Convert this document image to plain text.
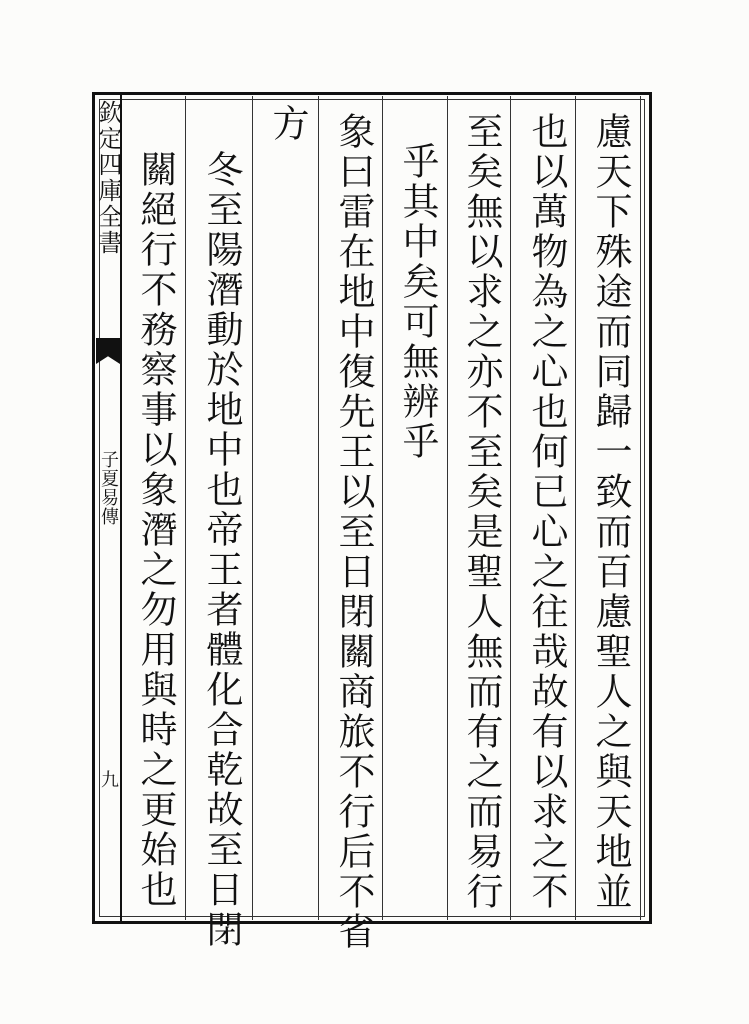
欽定四庫全書
子夏易傳
九	慮天下殊途而同歸一致而百慮聖人之與天地並
也以萬物為之心也何已心之往哉故有以求之不
至矣無以求之亦不至矣是聖人無而有之而易行
乎其中矣可無辨乎
象曰雷在地中復先王以至日閉關商旅不行后不省
方
冬至陽潛動於地中也帝王者體化合乾故至日閉
關絕行不務察事以象潛之勿用與時之更始也
